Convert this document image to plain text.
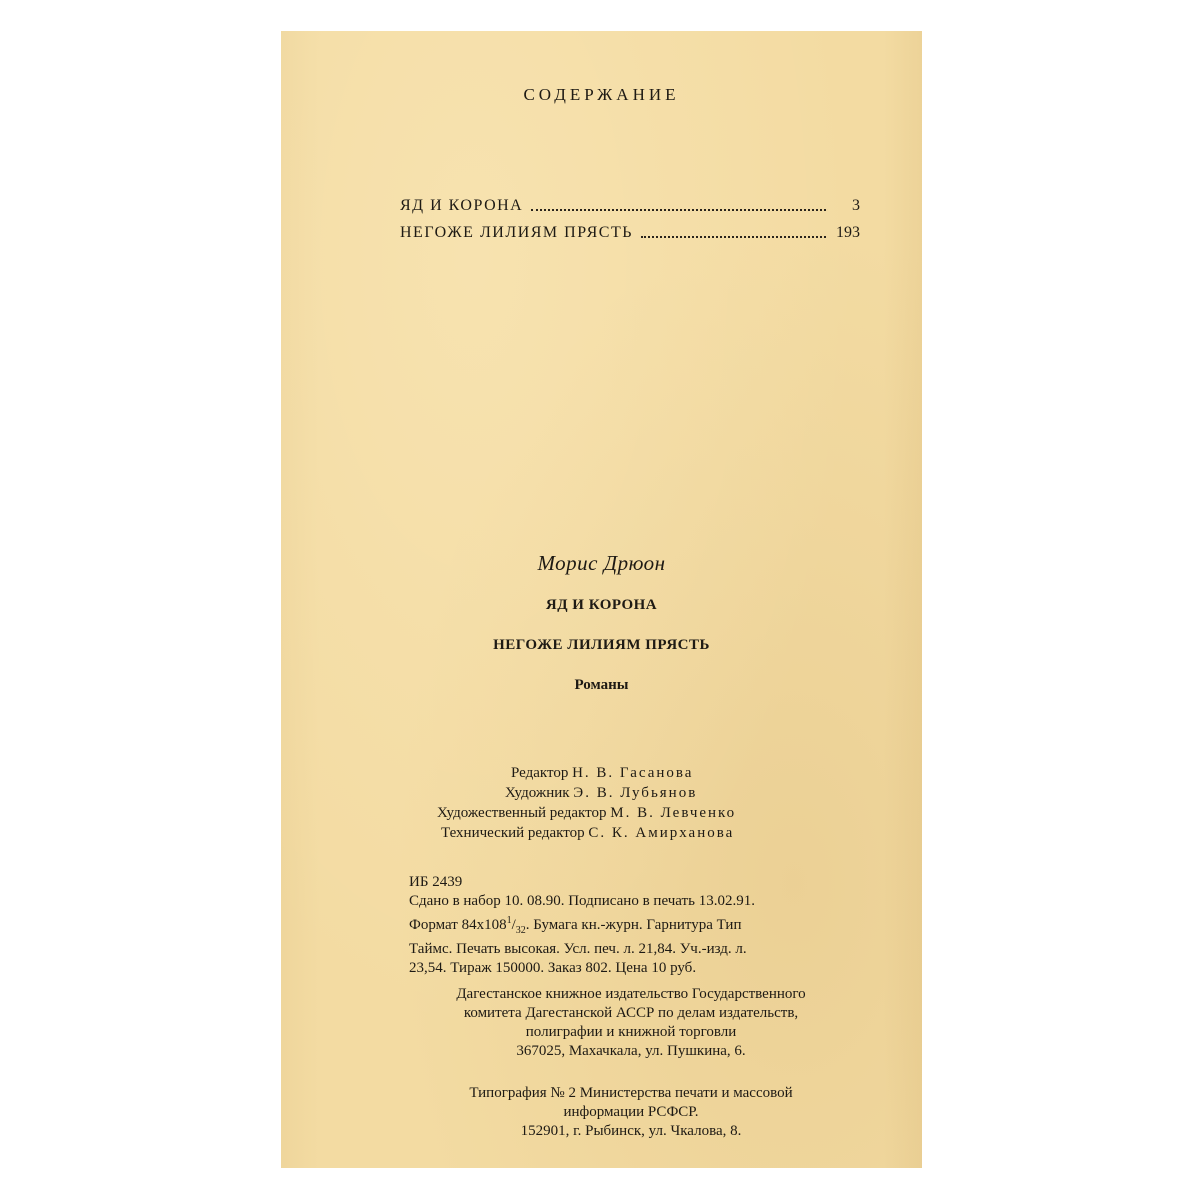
СОДЕРЖАНИЕ
ЯД И КОРОНА	3
НЕГОЖЕ ЛИЛИЯМ ПРЯСТЬ	193
Морис Дрюон
ЯД И КОРОНА
НЕГОЖЕ ЛИЛИЯМ ПРЯСТЬ
Романы
Редактор Н. В. Гасанова
Художник Э. В. Лубьянов
Художественный редактор М. В. Левченко
Технический редактор С. К. Амирханова
ИБ 2439
Сдано в набор 10. 08.90. Подписано в печать 13.02.91.
Формат $84x108^1/_{32}$. Бумага кн.-журн. Гарнитура Тип
Таймс. Печать высокая. Усл. печ. л. 21,84. Уч.-изд. л.
23,54. Тираж 150000. Заказ 802. Цена 10 руб.
Дагестанское книжное издательство Государственного
комитета Дагестанской АССР по делам издательств,
полиграфии и книжной торговли
367025, Махачкала, ул. Пушкина, 6.
Типография № 2 Министерства печати и массовой
информации РСФСР.
152901, г. Рыбинск, ул. Чкалова, 8.
